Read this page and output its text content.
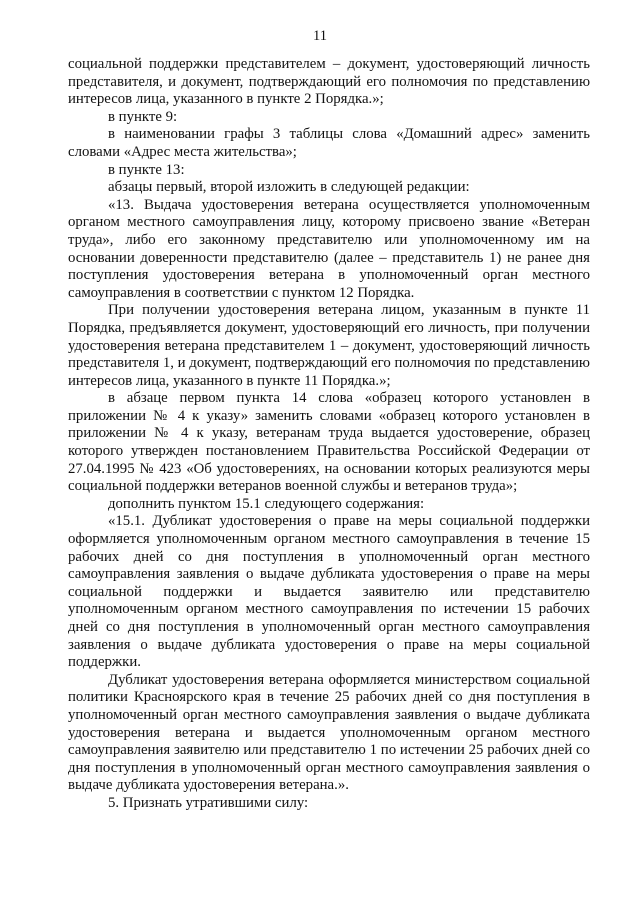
11

социальной поддержки представителем – документ, удостоверяющий личность представителя, и документ, подтверждающий его полномочия по представлению интересов лица, указанного в пункте 2 Порядка.»;

в пункте 9:

в наименовании графы 3 таблицы слова «Домашний адрес» заменить словами «Адрес места жительства»;

в пункте 13:

абзацы первый, второй изложить в следующей редакции:

«13. Выдача удостоверения ветерана осуществляется уполномоченным органом местного самоуправления лицу, которому присвоено звание «Ветеран труда», либо его законному представителю или уполномоченному им на основании доверенности представителю (далее – представитель 1) не ранее дня поступления удостоверения ветерана в уполномоченный орган местного самоуправления в соответствии с пунктом 12 Порядка.

При получении удостоверения ветерана лицом, указанным в пункте 11 Порядка, предъявляется документ, удостоверяющий его личность, при получении удостоверения ветерана представителем 1 – документ, удостоверяющий личность представителя 1, и документ, подтверждающий его полномочия по представлению интересов лица, указанного в пункте 11 Порядка.»;

в абзаце первом пункта 14 слова «образец которого установлен в приложении № 4 к указу» заменить словами «образец которого установлен в приложении № 4 к указу, ветеранам труда выдается удостоверение, образец которого утвержден постановлением Правительства Российской Федерации от 27.04.1995 № 423 «Об удостоверениях, на основании которых реализуются меры социальной поддержки ветеранов военной службы и ветеранов труда»;

дополнить пунктом 15.1 следующего содержания:

«15.1. Дубликат удостоверения о праве на меры социальной поддержки оформляется уполномоченным органом местного самоуправления в течение 15 рабочих дней со дня поступления в уполномоченный орган местного самоуправления заявления о выдаче дубликата удостоверения о праве на меры социальной поддержки и выдается заявителю или представителю уполномоченным органом местного самоуправления по истечении 15 рабочих дней со дня поступления в уполномоченный орган местного самоуправления заявления о выдаче дубликата удостоверения о праве на меры социальной поддержки.

Дубликат удостоверения ветерана оформляется министерством социальной политики Красноярского края в течение 25 рабочих дней со дня поступления в уполномоченный орган местного самоуправления заявления о выдаче дубликата удостоверения ветерана и выдается уполномоченным органом местного самоуправления заявителю или представителю 1 по истечении 25 рабочих дней со дня поступления в уполномоченный орган местного самоуправления заявления о выдаче дубликата удостоверения ветерана.».

5. Признать утратившими силу:
